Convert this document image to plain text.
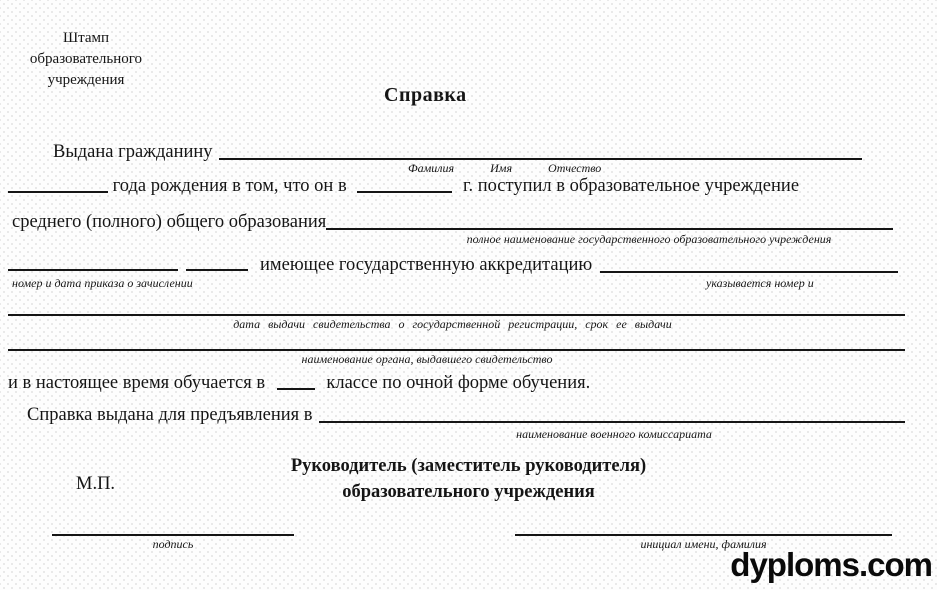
Штамп
образовательного
учреждения
Справка
Выдана гражданину
Фамилия	Имя	Отчество
года рождения в том, что он в	г. поступил в образовательное учреждение
среднего (полного) общего образования
полное наименование государственного образовательного учреждения
имеющее государственную аккредитацию
номер и дата приказа о зачислении	указывается номер и
дата выдачи свидетельства о государственной регистрации, срок ее выдачи
наименование органа, выдавшего свидетельство
и в настоящее время обучается в	классе по очной форме обучения.
Справка выдана для предъявления в
наименование военного комиссариата
Руководитель (заместитель руководителя)
образовательного учреждения
М.П.
подпись	инициал имени, фамилия
dyploms.com
